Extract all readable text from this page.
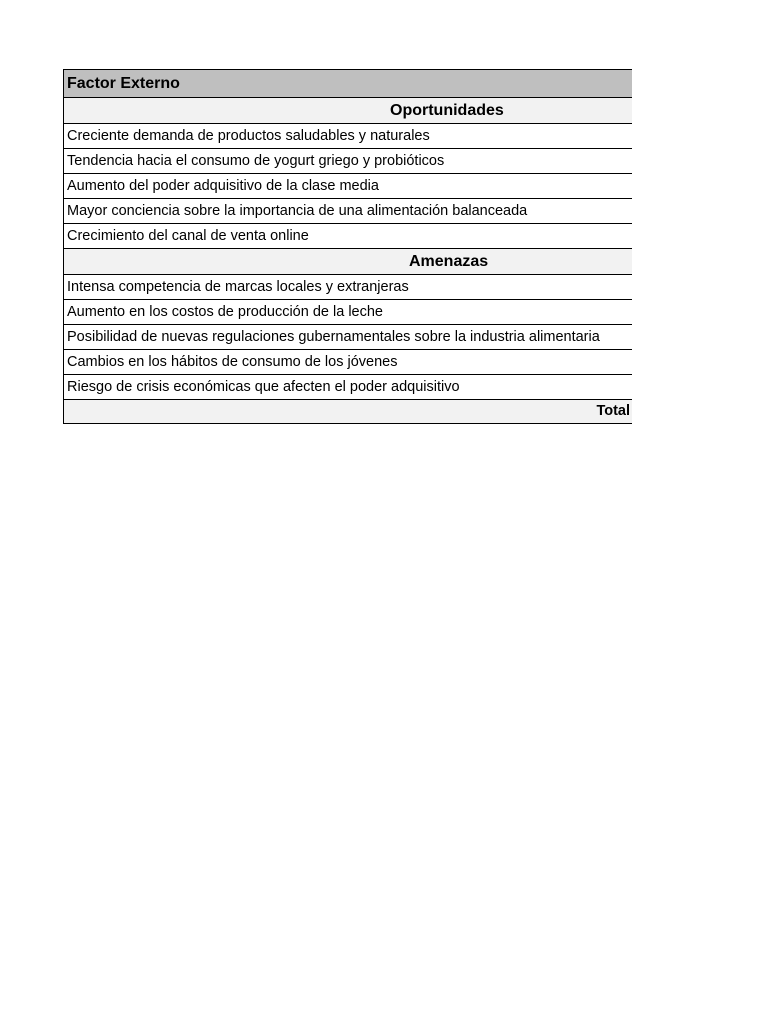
Factor Externo
Oportunidades
Creciente demanda de productos saludables y naturales
Tendencia hacia el consumo de yogurt griego y probióticos
Aumento del poder adquisitivo de la clase media
Mayor conciencia sobre la importancia de una alimentación balanceada
Crecimiento del canal de venta online
Amenazas
Intensa competencia de marcas locales y extranjeras
Aumento en los costos de producción de la leche
Posibilidad de nuevas regulaciones gubernamentales sobre la industria alimentaria
Cambios en los hábitos de consumo de los jóvenes
Riesgo de crisis económicas que afecten el poder adquisitivo
Total
